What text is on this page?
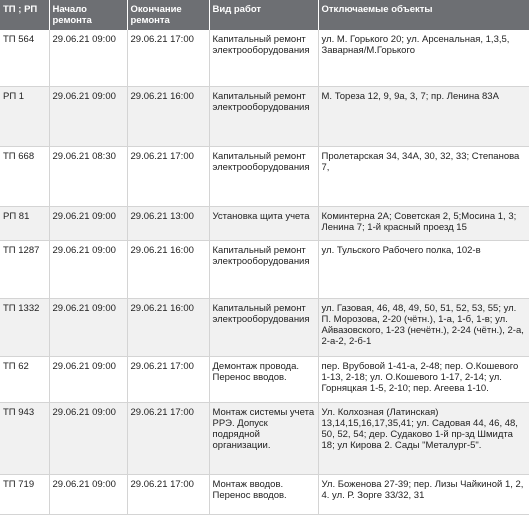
ТП ; РП	Начало ремонта	Окончание ремонта	Вид работ	Отключаемые объекты
ТП 564	29.06.21 09:00	29.06.21 17:00	Капитальный ремонт электрооборудования	ул. М. Горького 20; ул. Арсенальная, 1,3,5, Заварная/М.Горького
РП 1	29.06.21 09:00	29.06.21 16:00	Капитальный ремонт электрооборудования	М. Тореза 12, 9, 9а, 3, 7; пр. Ленина 83А
ТП 668	29.06.21 08:30	29.06.21 17:00	Капитальный ремонт электрооборудования	Пролетарская 34, 34А, 30, 32, 33; Степанова 7,
РП 81	29.06.21 09:00	29.06.21 13:00	Установка щита учета	Коминтерна 2А; Советская 2, 5;Мосина 1, 3; Ленина 7; 1-й красный проезд 15
ТП 1287	29.06.21 09:00	29.06.21 16:00	Капитальный ремонт электрооборудования	ул. Тульского Рабочего полка, 102-в
ТП 1332	29.06.21 09:00	29.06.21 16:00	Капитальный ремонт электрооборудования	ул. Газовая, 46, 48, 49, 50, 51, 52, 53, 55; ул. П. Морозова, 2-20 (чётн.), 1-а, 1-б, 1-в; ул. Айвазовского, 1-23 (нечётн.), 2-24 (чётн.), 2-а, 2-а-2, 2-б-1
ТП 62	29.06.21 09:00	29.06.21 17:00	Демонтаж провода. Перенос вводов.	пер. Врубовой 1-41-а, 2-48; пер. О.Кошевого 1-13, 2-18; ул. О.Кошевого 1-17, 2-14; ул. Горняцкая 1-5, 2-10; пер. Агеева 1-10.
ТП 943	29.06.21 09:00	29.06.21 17:00	Монтаж системы учета РРЭ. Допуск подрядной организации.	Ул. Колхозная (Латинская) 13,14,15,16,17,35,41; ул. Садовая 44, 46, 48, 50, 52, 54; дер. Судаково 1-й пр-зд Шмидта 18; ул Кирова 2. Сады "Металург-5".
ТП 719	29.06.21 09:00	29.06.21 17:00	Монтаж вводов. Перенос вводов.	Ул. Боженова 27-39; пер. Лизы Чайкиной 1, 2, 4. ул. Р. Зорге 33/32, 31
